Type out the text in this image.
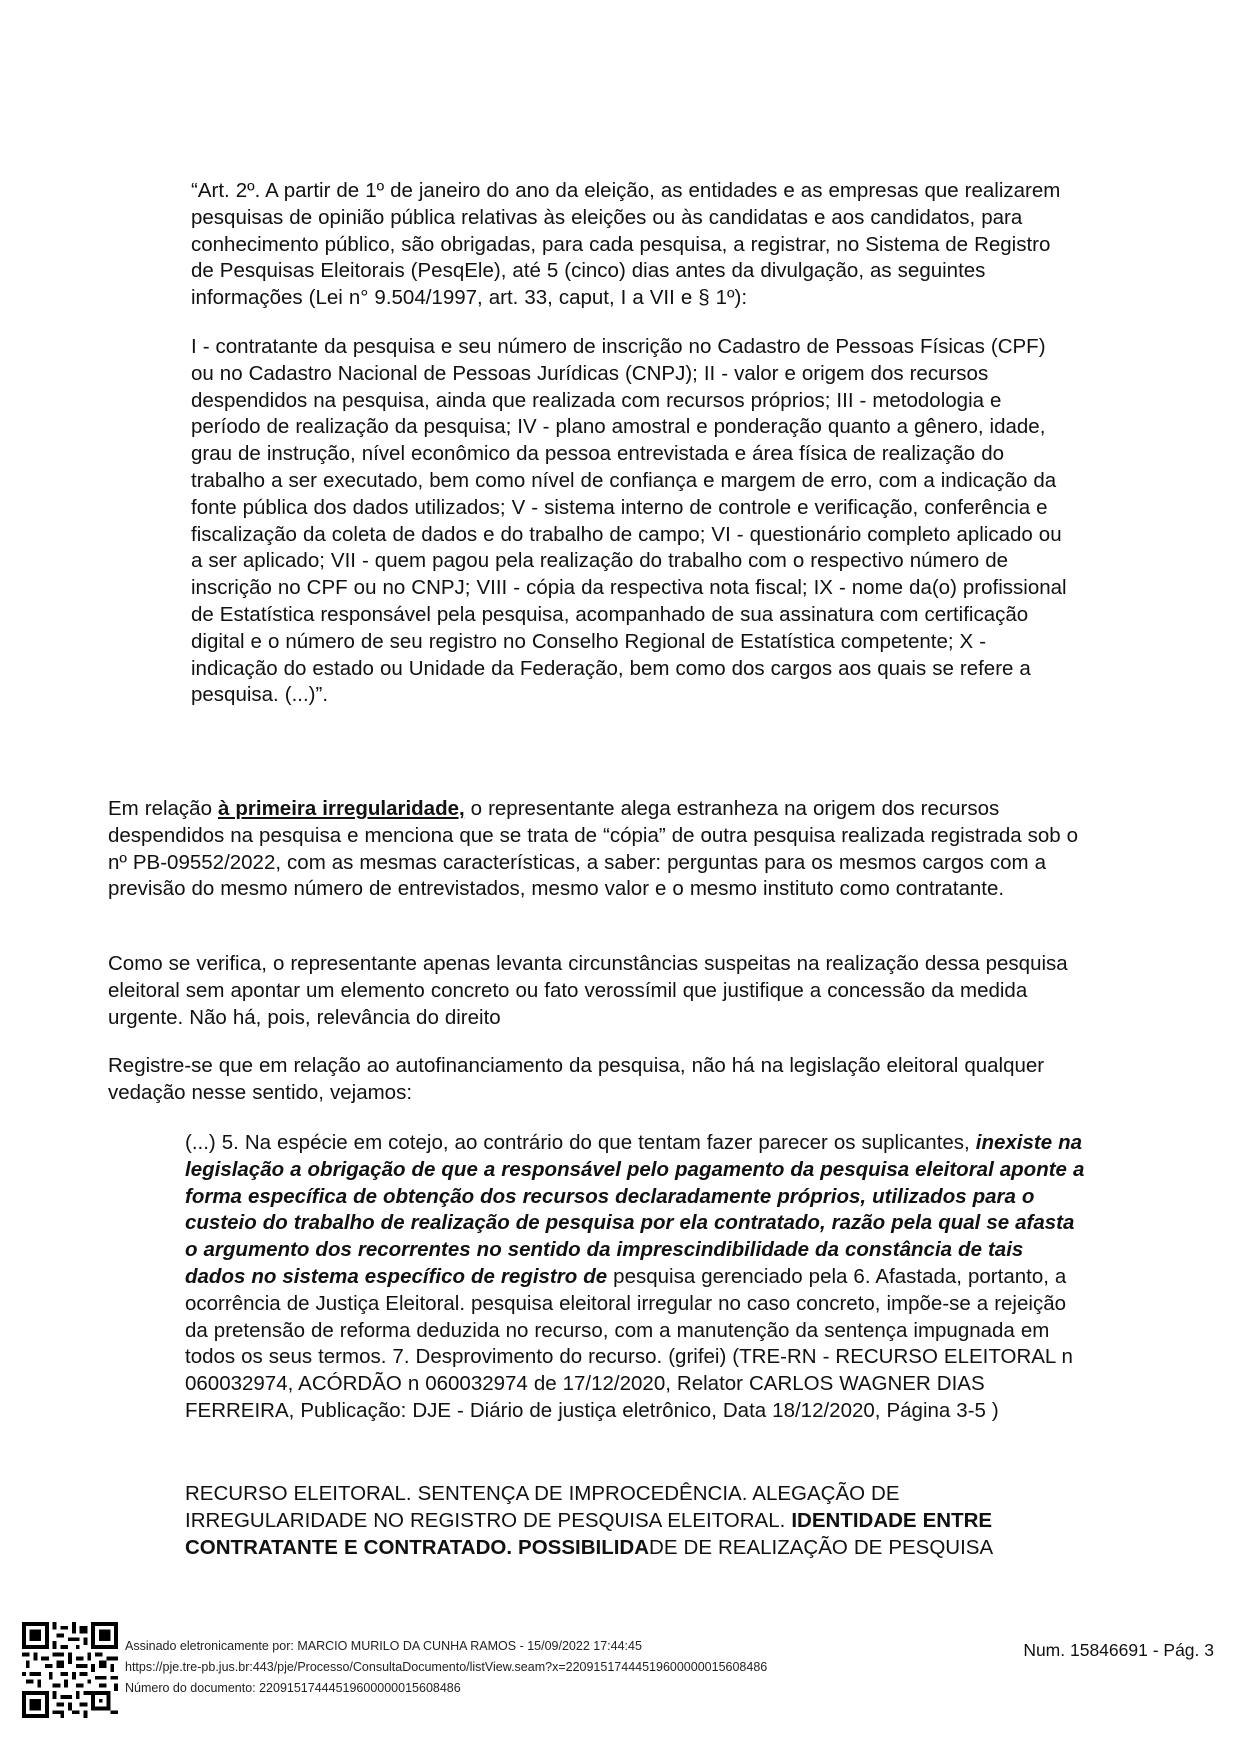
“Art. 2º. A partir de 1º de janeiro do ano da eleição, as entidades e as empresas que realizarem pesquisas de opinião pública relativas às eleições ou às candidatas e aos candidatos, para conhecimento público, são obrigadas, para cada pesquisa, a registrar, no Sistema de Registro de Pesquisas Eleitorais (PesqEle), até 5 (cinco) dias antes da divulgação, as seguintes informações (Lei n° 9.504/1997, art. 33, caput, I a VII e § 1º):

I - contratante da pesquisa e seu número de inscrição no Cadastro de Pessoas Físicas (CPF) ou no Cadastro Nacional de Pessoas Jurídicas (CNPJ); II - valor e origem dos recursos despendidos na pesquisa, ainda que realizada com recursos próprios; III - metodologia e período de realização da pesquisa; IV - plano amostral e ponderação quanto a gênero, idade, grau de instrução, nível econômico da pessoa entrevistada e área física de realização do trabalho a ser executado, bem como nível de confiança e margem de erro, com a indicação da fonte pública dos dados utilizados; V - sistema interno de controle e verificação, conferência e fiscalização da coleta de dados e do trabalho de campo; VI - questionário completo aplicado ou a ser aplicado; VII - quem pagou pela realização do trabalho com o respectivo número de inscrição no CPF ou no CNPJ; VIII - cópia da respectiva nota fiscal; IX - nome da(o) profissional de Estatística responsável pela pesquisa, acompanhado de sua assinatura com certificação digital e o número de seu registro no Conselho Regional de Estatística competente; X - indicação do estado ou Unidade da Federação, bem como dos cargos aos quais se refere a pesquisa. (...)”.

Em relação à primeira irregularidade, o representante alega estranheza na origem dos recursos despendidos na pesquisa e menciona que se trata de “cópia” de outra pesquisa realizada registrada sob o nº PB-09552/2022, com as mesmas características, a saber: perguntas para os mesmos cargos com a previsão do mesmo número de entrevistados, mesmo valor e o mesmo instituto como contratante.

Como se verifica, o representante apenas levanta circunstâncias suspeitas na realização dessa pesquisa eleitoral sem apontar um elemento concreto ou fato verossímil que justifique a concessão da medida urgente. Não há, pois, relevância do direito

Registre-se que em relação ao autofinanciamento da pesquisa, não há na legislação eleitoral qualquer vedação nesse sentido, vejamos:

(...) 5. Na espécie em cotejo, ao contrário do que tentam fazer parecer os suplicantes, inexiste na legislação a obrigação de que a responsável pelo pagamento da pesquisa eleitoral aponte a forma específica de obtenção dos recursos declaradamente próprios, utilizados para o custeio do trabalho de realização de pesquisa por ela contratado, razão pela qual se afasta o argumento dos recorrentes no sentido da imprescindibilidade da constância de tais dados no sistema específico de registro de pesquisa gerenciado pela 6. Afastada, portanto, a ocorrência de Justiça Eleitoral. pesquisa eleitoral irregular no caso concreto, impõe-se a rejeição da pretensão de reforma deduzida no recurso, com a manutenção da sentença impugnada em todos os seus termos. 7. Desprovimento do recurso. (grifei) (TRE-RN - RECURSO ELEITORAL n 060032974, ACÓRDÃO n 060032974 de 17/12/2020, Relator CARLOS WAGNER DIAS FERREIRA, Publicação: DJE - Diário de justiça eletrônico, Data 18/12/2020, Página 3-5 )

RECURSO ELEITORAL. SENTENÇA DE IMPROCEDÊNCIA. ALEGAÇÃO DE IRREGULARIDADE NO REGISTRO DE PESQUISA ELEITORAL. IDENTIDADE ENTRE CONTRATANTE E CONTRATADO. POSSIBILIDADE DE REALIZAÇÃO DE PESQUISA

Assinado eletronicamente por: MARCIO MURILO DA CUNHA RAMOS - 15/09/2022 17:44:45
https://pje.tre-pb.jus.br:443/pje/Processo/ConsultaDocumento/listView.seam?x=22091517444519600000015608486
Número do documento: 22091517444519600000015608486
Num. 15846691 - Pág. 3
